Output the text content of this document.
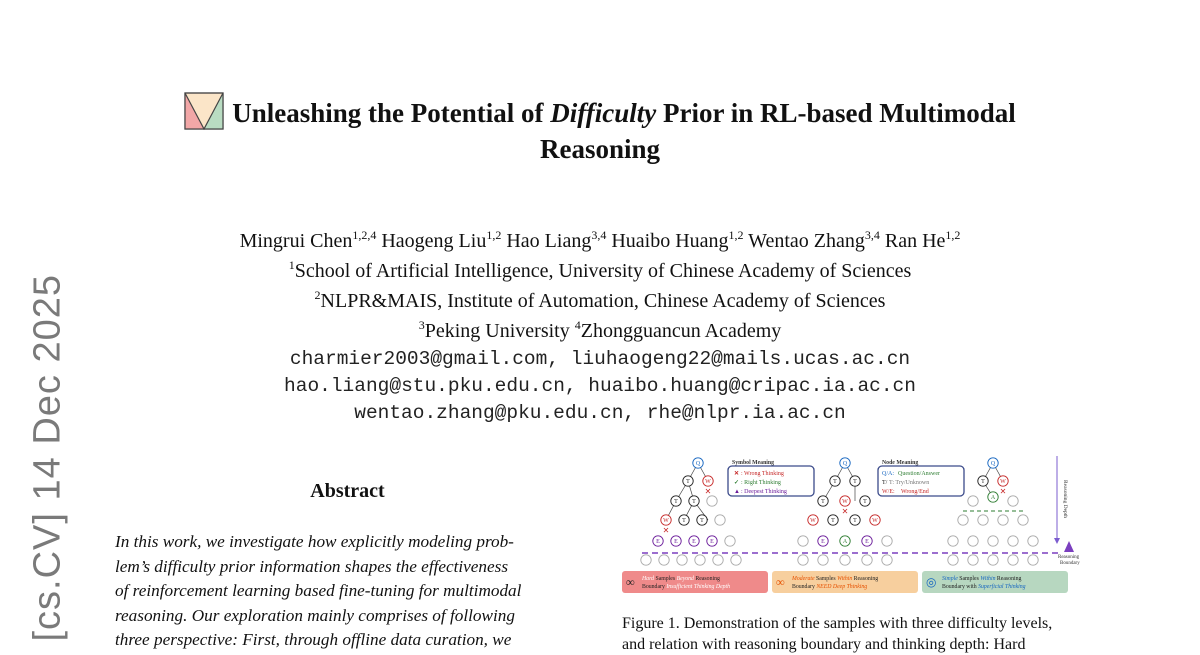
[cs.CV] 14 Dec 2025
Unleashing the Potential of Difficulty Prior in RL-based Multimodal
Reasoning
Mingrui Chen$^{1,2,4}$ Haogeng Liu$^{1,2}$ Hao Liang$^{3,4}$ Huaibo Huang$^{1,2}$ Wentao Zhang$^{3,4}$ Ran He$^{1,2}$
$^1$School of Artificial Intelligence, University of Chinese Academy of Sciences
$^2$NLPR&MAIS, Institute of Automation, Chinese Academy of Sciences
$^3$Peking University $^4$Zhongguancun Academy
charmier2003@gmail.com, liuhaogeng22@mails.ucas.ac.cn
hao.liang@stu.pku.edu.cn, huaibo.huang@cripac.ia.ac.cn
wentao.zhang@pku.edu.cn, rhe@nlpr.ia.ac.cn
Abstract
In this work, we investigate how explicitly modeling prob-
lem’s difficulty prior information shapes the effectiveness
of reinforcement learning based fine-tuning for multimodal
reasoning. Our exploration mainly comprises of following
three perspective: First, through offline data curation, we
Reasoning Depth
Reasoning
Boundary
Symbol Meaning
✕ : Wrong Thinking
✓ : Right Thinking
▲ : Deepest Thinking
Node Meaning
Q/A: Question/Answer
T/ T: Try/Unknown
W/E: Wrong/End
Q
T	W
✕
T T
W
✕
T T
E E E E
Q
T	T
T	W	T
✕
W	T	T	W
E	A	E
Q
T	W
✕
A
∞ Hard Samples Beyond Reasoning
Boundary Insufficient Thinking Depth	∞ Moderate Samples Within Reasoning
Boundary NEED Deep Thinking	◎ Simple Samples Within Reasoning
Boundary with Superficial Thinking
Figure 1. Demonstration of the samples with three difficulty levels,
and relation with reasoning boundary and thinking depth: Hard
